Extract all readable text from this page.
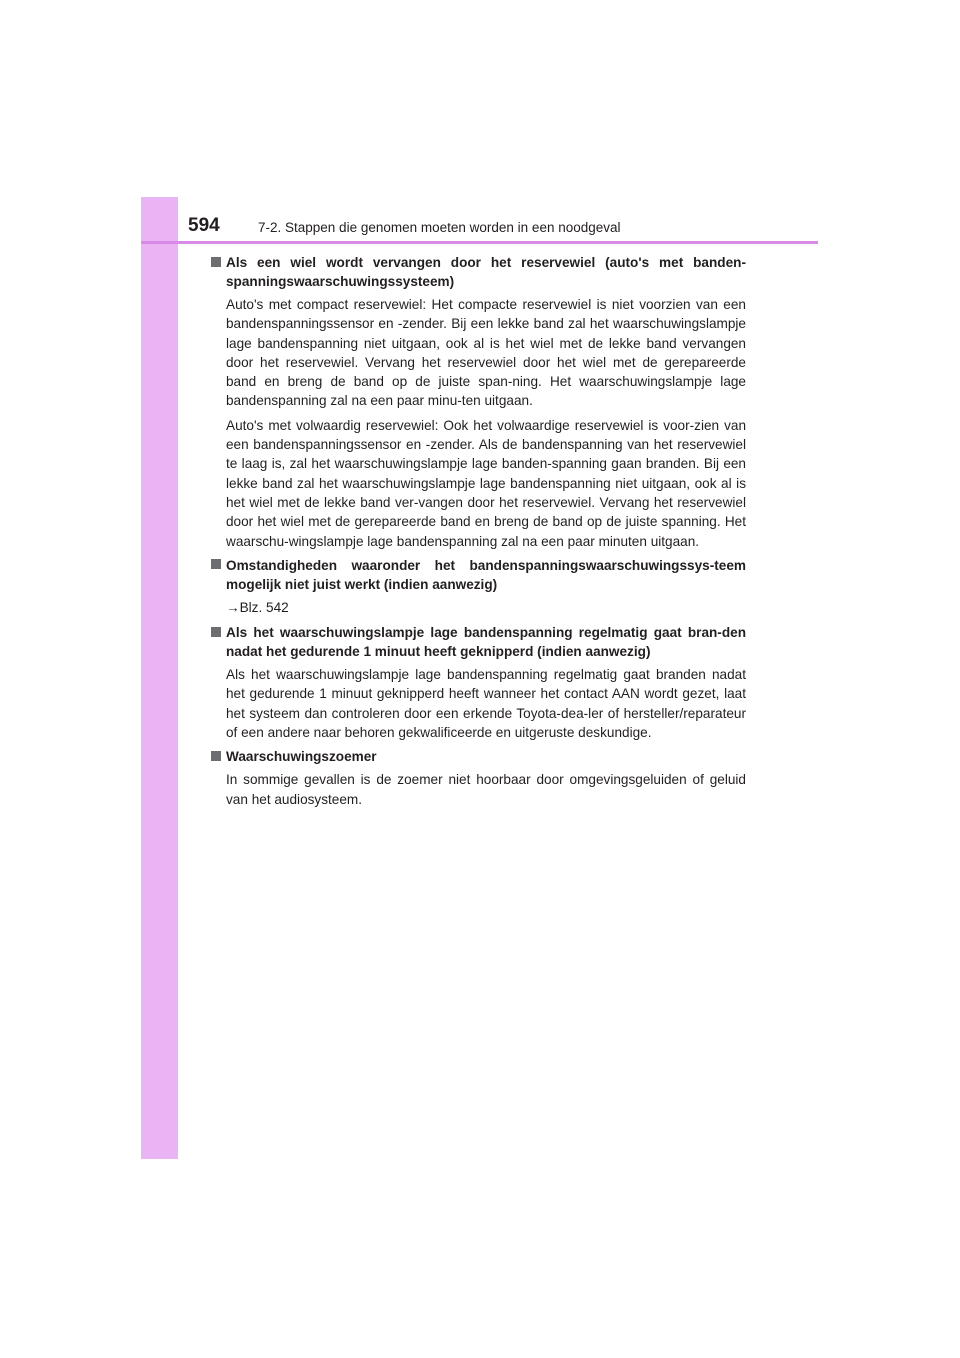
594	7-2. Stappen die genomen moeten worden in een noodgeval
Als een wiel wordt vervangen door het reservewiel (auto's met banden-spanningswaarschuwingssysteem)

Auto's met compact reservewiel: Het compacte reservewiel is niet voorzien van een bandenspanningssensor en -zender. Bij een lekke band zal het waarschuwingslampje lage bandenspanning niet uitgaan, ook al is het wiel met de lekke band vervangen door het reservewiel. Vervang het reservewiel door het wiel met de gerepareerde band en breng de band op de juiste span-ning. Het waarschuwingslampje lage bandenspanning zal na een paar minu-ten uitgaan.

Auto's met volwaardig reservewiel: Ook het volwaardige reservewiel is voor-zien van een bandenspanningssensor en -zender. Als de bandenspanning van het reservewiel te laag is, zal het waarschuwingslampje lage banden-spanning gaan branden. Bij een lekke band zal het waarschuwingslampje lage bandenspanning niet uitgaan, ook al is het wiel met de lekke band ver-vangen door het reservewiel. Vervang het reservewiel door het wiel met de gerepareerde band en breng de band op de juiste spanning. Het waarschu-wingslampje lage bandenspanning zal na een paar minuten uitgaan.

Omstandigheden waaronder het bandenspanningswaarschuwingssys-teem mogelijk niet juist werkt (indien aanwezig)

→Blz. 542

Als het waarschuwingslampje lage bandenspanning regelmatig gaat bran-den nadat het gedurende 1 minuut heeft geknipperd (indien aanwezig)

Als het waarschuwingslampje lage bandenspanning regelmatig gaat branden nadat het gedurende 1 minuut geknipperd heeft wanneer het contact AAN wordt gezet, laat het systeem dan controleren door een erkende Toyota-dea-ler of hersteller/reparateur of een andere naar behoren gekwalificeerde en uitgeruste deskundige.

Waarschuwingszoemer

In sommige gevallen is de zoemer niet hoorbaar door omgevingsgeluiden of geluid van het audiosysteem.
